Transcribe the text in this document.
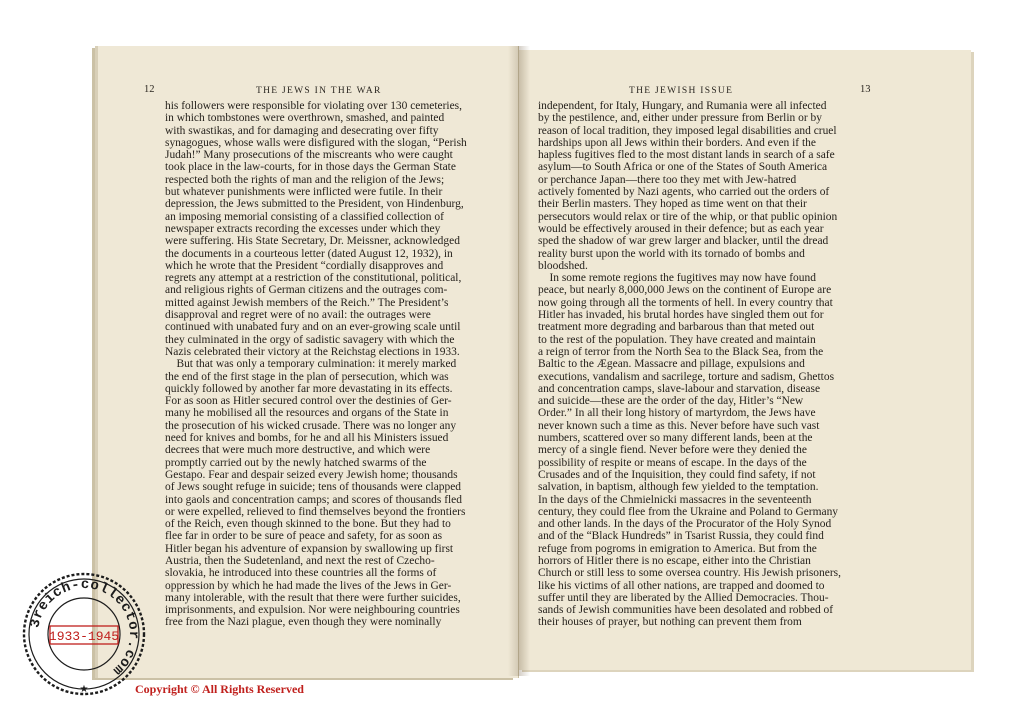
12	THE JEWS IN THE WAR
his followers were responsible for violating over 130 cemeteries,
in which tombstones were overthrown, smashed, and painted
with swastikas, and for damaging and desecrating over fifty
synagogues, whose walls were disfigured with the slogan, “Perish
Judah!” Many prosecutions of the miscreants who were caught
took place in the law-courts, for in those days the German State
respected both the rights of man and the religion of the Jews;
but whatever punishments were inflicted were futile. In their
depression, the Jews submitted to the President, von Hindenburg,
an imposing memorial consisting of a classified collection of
newspaper extracts recording the excesses under which they
were suffering. His State Secretary, Dr. Meissner, acknowledged
the documents in a courteous letter (dated August 12, 1932), in
which he wrote that the President “cordially disapproves and
regrets any attempt at a restriction of the constitutional, political,
and religious rights of German citizens and the outrages com-
mitted against Jewish members of the Reich.” The President’s
disapproval and regret were of no avail: the outrages were
continued with unabated fury and on an ever-growing scale until
they culminated in the orgy of sadistic savagery with which the
Nazis celebrated their victory at the Reichstag elections in 1933.
 But that was only a temporary culmination: it merely marked
the end of the first stage in the plan of persecution, which was
quickly followed by another far more devastating in its effects.
For as soon as Hitler secured control over the destinies of Ger-
many he mobilised all the resources and organs of the State in
the prosecution of his wicked crusade. There was no longer any
need for knives and bombs, for he and all his Ministers issued
decrees that were much more destructive, and which were
promptly carried out by the newly hatched swarms of the
Gestapo. Fear and despair seized every Jewish home; thousands
of Jews sought refuge in suicide; tens of thousands were clapped
into gaols and concentration camps; and scores of thousands fled
or were expelled, relieved to find themselves beyond the frontiers
of the Reich, even though skinned to the bone. But they had to
flee far in order to be sure of peace and safety, for as soon as
Hitler began his adventure of expansion by swallowing up first
Austria, then the Sudetenland, and next the rest of Czecho-
slovakia, he introduced into these countries all the forms of
oppression by which he had made the lives of the Jews in Ger-
many intolerable, with the result that there were further suicides,
imprisonments, and expulsion. Nor were neighbouring countries
free from the Nazi plague, even though they were nominally
THE JEWISH ISSUE	13
independent, for Italy, Hungary, and Rumania were all infected
by the pestilence, and, either under pressure from Berlin or by
reason of local tradition, they imposed legal disabilities and cruel
hardships upon all Jews within their borders. And even if the
hapless fugitives fled to the most distant lands in search of a safe
asylum—to South Africa or one of the States of South America
or perchance Japan—there too they met with Jew-hatred
actively fomented by Nazi agents, who carried out the orders of
their Berlin masters. They hoped as time went on that their
persecutors would relax or tire of the whip, or that public opinion
would be effectively aroused in their defence; but as each year
sped the shadow of war grew larger and blacker, until the dread
reality burst upon the world with its tornado of bombs and
bloodshed.
 In some remote regions the fugitives may now have found
peace, but nearly 8,000,000 Jews on the continent of Europe are
now going through all the torments of hell. In every country that
Hitler has invaded, his brutal hordes have singled them out for
treatment more degrading and barbarous than that meted out
to the rest of the population. They have created and maintain
a reign of terror from the North Sea to the Black Sea, from the
Baltic to the Ægean. Massacre and pillage, expulsions and
executions, vandalism and sacrilege, torture and sadism, Ghettos
and concentration camps, slave-labour and starvation, disease
and suicide—these are the order of the day, Hitler’s “New
Order.” In all their long history of martyrdom, the Jews have
never known such a time as this. Never before have such vast
numbers, scattered over so many different lands, been at the
mercy of a single fiend. Never before were they denied the
possibility of respite or means of escape. In the days of the
Crusades and of the Inquisition, they could find safety, if not
salvation, in baptism, although few yielded to the temptation.
In the days of the Chmielnicki massacres in the seventeenth
century, they could flee from the Ukraine and Poland to Germany
and other lands. In the days of the Procurator of the Holy Synod
and of the “Black Hundreds” in Tsarist Russia, they could find
refuge from pogroms in emigration to America. But from the
horrors of Hitler there is no escape, either into the Christian
Church or still less to some oversea country. His Jewish prisoners,
like his victims of all other nations, are trapped and doomed to
suffer until they are liberated by the Allied Democracies. Thou-
sands of Jewish communities have been desolated and robbed of
their houses of prayer, but nothing can prevent them from
3reich-collector.com
★
1933-1945
Copyright © All Rights Reserved
